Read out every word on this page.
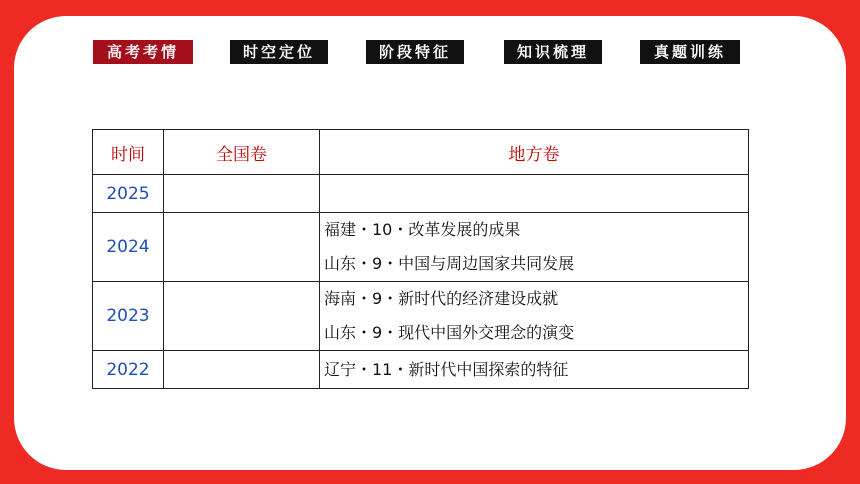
高考考情	时空定位	阶段特征	知识梳理	真题训练
时间	全国卷	地方卷
2025		
2024		福建・10・改革发展的成果
山东・9・中国与周边国家共同发展

2023		海南・9・新时代的经济建设成就
山东・9・现代中国外交理念的演变

2022		辽宁・11・新时代中国探索的特征
